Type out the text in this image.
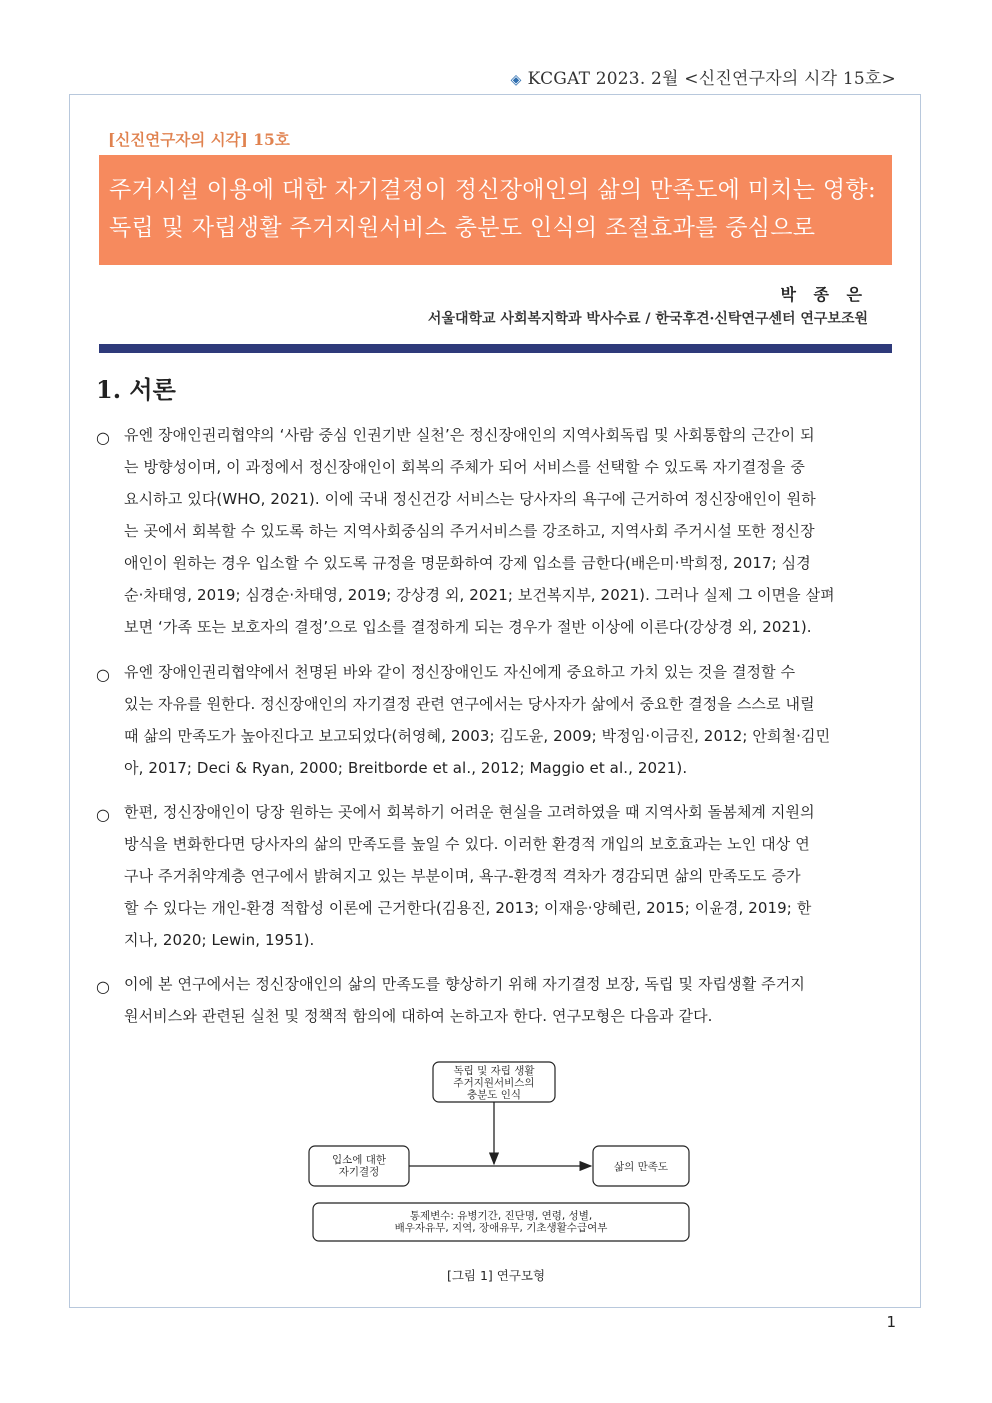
◈ KCGAT 2023. 2월 <신진연구자의 시각 15호>
[신진연구자의 시각] 15호
주거시설 이용에 대한 자기결정이 정신장애인의 삶의 만족도에 미치는 영향:
독립 및 자립생활 주거지원서비스 충분도 인식의 조절효과를 중심으로
박 종 은
서울대학교 사회복지학과 박사수료 / 한국후견·신탁연구센터 연구보조원
1. 서론
○ 유엔 장애인권리협약의 ‘사람 중심 인권기반 실천’은 정신장애인의 지역사회독립 및 사회통합의 근간이 되
는 방향성이며, 이 과정에서 정신장애인이 회복의 주체가 되어 서비스를 선택할 수 있도록 자기결정을 중
요시하고 있다(WHO, 2021). 이에 국내 정신건강 서비스는 당사자의 욕구에 근거하여 정신장애인이 원하
는 곳에서 회복할 수 있도록 하는 지역사회중심의 주거서비스를 강조하고, 지역사회 주거시설 또한 정신장
애인이 원하는 경우 입소할 수 있도록 규정을 명문화하여 강제 입소를 금한다(배은미·박희정, 2017; 심경
순·차태영, 2019; 심경순·차태영, 2019; 강상경 외, 2021; 보건복지부, 2021). 그러나 실제 그 이면을 살펴
보면 ‘가족 또는 보호자의 결정’으로 입소를 결정하게 되는 경우가 절반 이상에 이른다(강상경 외, 2021).
○ 유엔 장애인권리협약에서 천명된 바와 같이 정신장애인도 자신에게 중요하고 가치 있는 것을 결정할 수
있는 자유를 원한다. 정신장애인의 자기결정 관련 연구에서는 당사자가 삶에서 중요한 결정을 스스로 내릴
때 삶의 만족도가 높아진다고 보고되었다(허영혜, 2003; 김도윤, 2009; 박정임·이금진, 2012; 안희철·김민
아, 2017; Deci & Ryan, 2000; Breitborde et al., 2012; Maggio et al., 2021).
○ 한편, 정신장애인이 당장 원하는 곳에서 회복하기 어려운 현실을 고려하였을 때 지역사회 돌봄체계 지원의
방식을 변화한다면 당사자의 삶의 만족도를 높일 수 있다. 이러한 환경적 개입의 보호효과는 노인 대상 연
구나 주거취약계층 연구에서 밝혀지고 있는 부분이며, 욕구-환경적 격차가 경감되면 삶의 만족도도 증가
할 수 있다는 개인-환경 적합성 이론에 근거한다(김용진, 2013; 이재응·양혜린, 2015; 이윤경, 2019; 한
지나, 2020; Lewin, 1951).
○ 이에 본 연구에서는 정신장애인의 삶의 만족도를 향상하기 위해 자기결정 보장, 독립 및 자립생활 주거지
원서비스와 관련된 실천 및 정책적 함의에 대하여 논하고자 한다. 연구모형은 다음과 같다.
독립 및 자립 생활
주거지원서비스의
충분도 인식
입소에 대한
자기결정	삶의 만족도
통제변수: 유병기간, 진단명, 연령, 성별,
배우자유무, 지역, 장애유무, 기초생활수급여부
[그림 1] 연구모형
1
